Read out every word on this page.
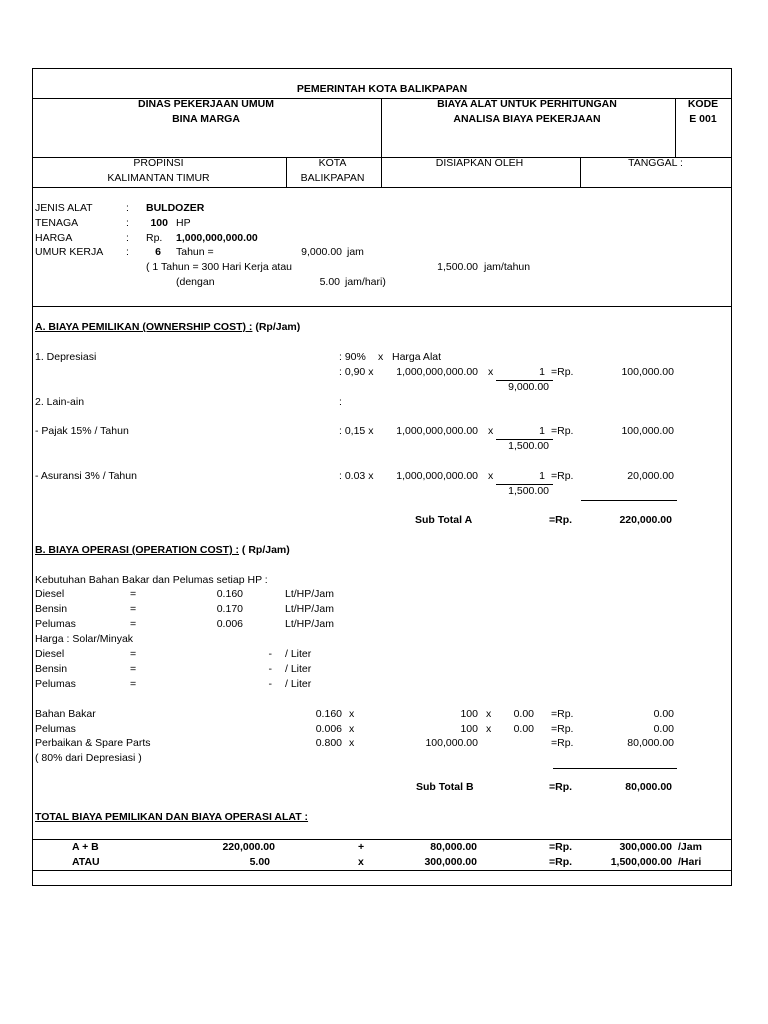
PEMERINTAH KOTA BALIKPAPAN
DINAS PEKERJAAN UMUM
BINA MARGA
BIAYA ALAT UNTUK PERHITUNGAN
ANALISA BIAYA PEKERJAAN
KODE
E 001
PROPINSI
KALIMANTAN TIMUR
KOTA
BALIKPAPAN
DISIAPKAN OLEH	TANGGAL :
JENIS ALAT	: BULDOZER
TENAGA	:	100 HP
HARGA	: Rp. 1,000,000,000.00
UMUR KERJA :	6 Tahun =	9,000.00 jam
( 1 Tahun = 300 Hari Kerja atau	1,500.00 jam/tahun
(dengan	5.00 jam/hari)
A. BIAYA PEMILIKAN (OWNERSHIP COST) : (Rp/Jam)
1. Depresiasi	: 90% x Harga Alat
: 0,90 x	1,000,000,000.00 x	1 =Rp.	100,000.00
9,000.00
2. Lain-ain	:
- Pajak 15% / Tahun	: 0,15 x	1,000,000,000.00 x	1 =Rp.	100,000.00
1,500.00
- Asuransi 3% / Tahun	: 0.03 x	1,000,000,000.00 x	1 =Rp.	20,000.00
1,500.00
Sub Total A	=Rp.	220,000.00
B. BIAYA OPERASI (OPERATION COST) : ( Rp/Jam)
Kebutuhan Bahan Bakar dan Pelumas setiap HP :
Diesel	=	0.160	Lt/HP/Jam
Bensin	=	0.170	Lt/HP/Jam
Pelumas	=	0.006	Lt/HP/Jam
Harga : Solar/Minyak
Diesel	=	- / Liter
Bensin	=	- / Liter
Pelumas	=	- / Liter
Bahan Bakar	0.160 x	100 x	0.00 =Rp.	0.00
Pelumas	0.006 x	100 x	0.00 =Rp.	0.00
Perbaikan & Spare Parts	0.800 x	100,000.00	=Rp.	80,000.00
( 80% dari Depresiasi )
Sub Total B	=Rp.	80,000.00
TOTAL BIAYA PEMILIKAN DAN BIAYA OPERASI ALAT :
A + B	220,000.00	+	80,000.00	=Rp.	300,000.00 /Jam
ATAU	5.00	x	300,000.00	=Rp.	1,500,000.00 /Hari
